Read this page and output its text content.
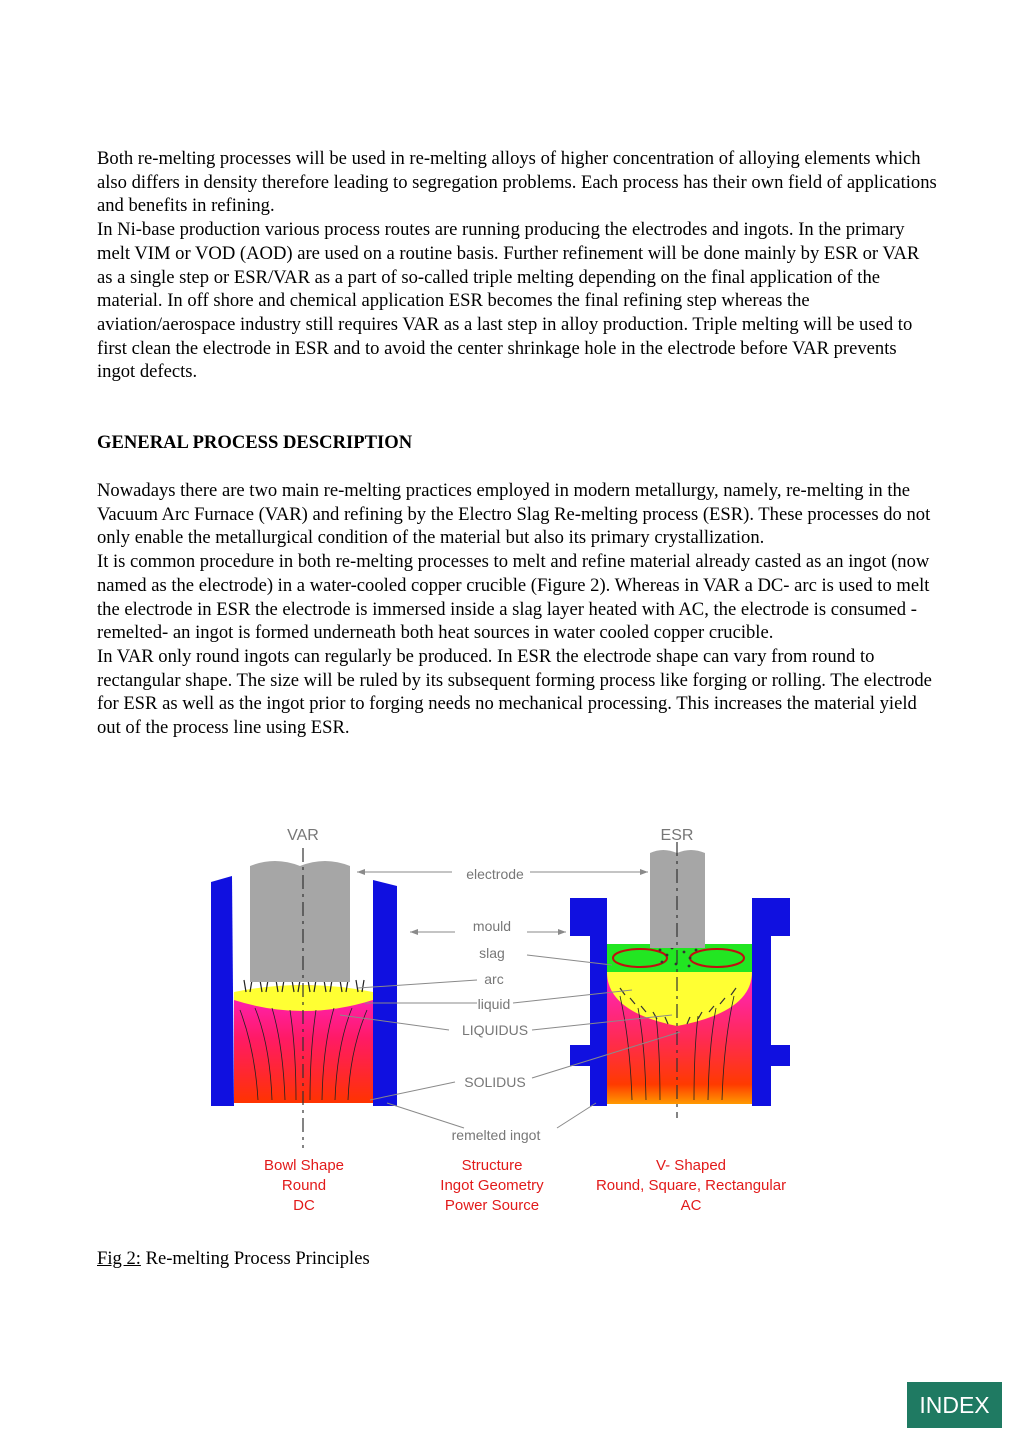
Both re-melting processes will be used in re-melting alloys of higher concentration of alloying elements which also differs in density therefore leading to segregation problems. Each process has their own field of applications and benefits in refining.

In Ni-base production various process routes are running producing the electrodes and ingots. In the primary melt VIM or VOD (AOD) are used on a routine basis. Further refinement will be done mainly by ESR or VAR as a single step or ESR/VAR as a part of so-called triple melting depending on the final application of the material. In off shore and chemical application ESR becomes the final refining step whereas the aviation/aerospace industry still requires VAR as a last step in alloy production. Triple melting will be used to first clean the electrode in ESR and to avoid the center shrinkage hole in the electrode before VAR prevents ingot defects.

GENERAL PROCESS DESCRIPTION

Nowadays there are two main re-melting practices employed in modern metallurgy, namely, re-melting in the Vacuum Arc Furnace (VAR) and refining by the Electro Slag Re-melting process (ESR). These processes do not only enable the metallurgical condition of the material but also its primary crystallization.

It is common procedure in both re-melting processes to melt and refine material already casted as an ingot (now named as the electrode) in a water-cooled copper crucible (Figure 2). Whereas in VAR a DC- arc is used to melt the electrode in ESR the electrode is immersed inside a slag layer heated with AC, the electrode is consumed - remelted- an ingot is formed underneath both heat sources in water cooled copper crucible.

In VAR only round ingots can regularly be produced. In ESR the electrode shape can vary from round to rectangular shape. The size will be ruled by its subsequent forming process like forging or rolling. The electrode for ESR as well as the ingot prior to forging needs no mechanical processing. This increases the material yield out of the process line using ESR.

VAR	ESR
electrode
mould
slag
arc
liquid
LIQUIDUS
SOLIDUS
remelted ingot
Bowl Shape
Round
DC
Structure
Ingot Geometry
Power Source
V- Shaped
Round, Square, Rectangular
AC
Fig 2: Re-melting Process Principles
INDEX
